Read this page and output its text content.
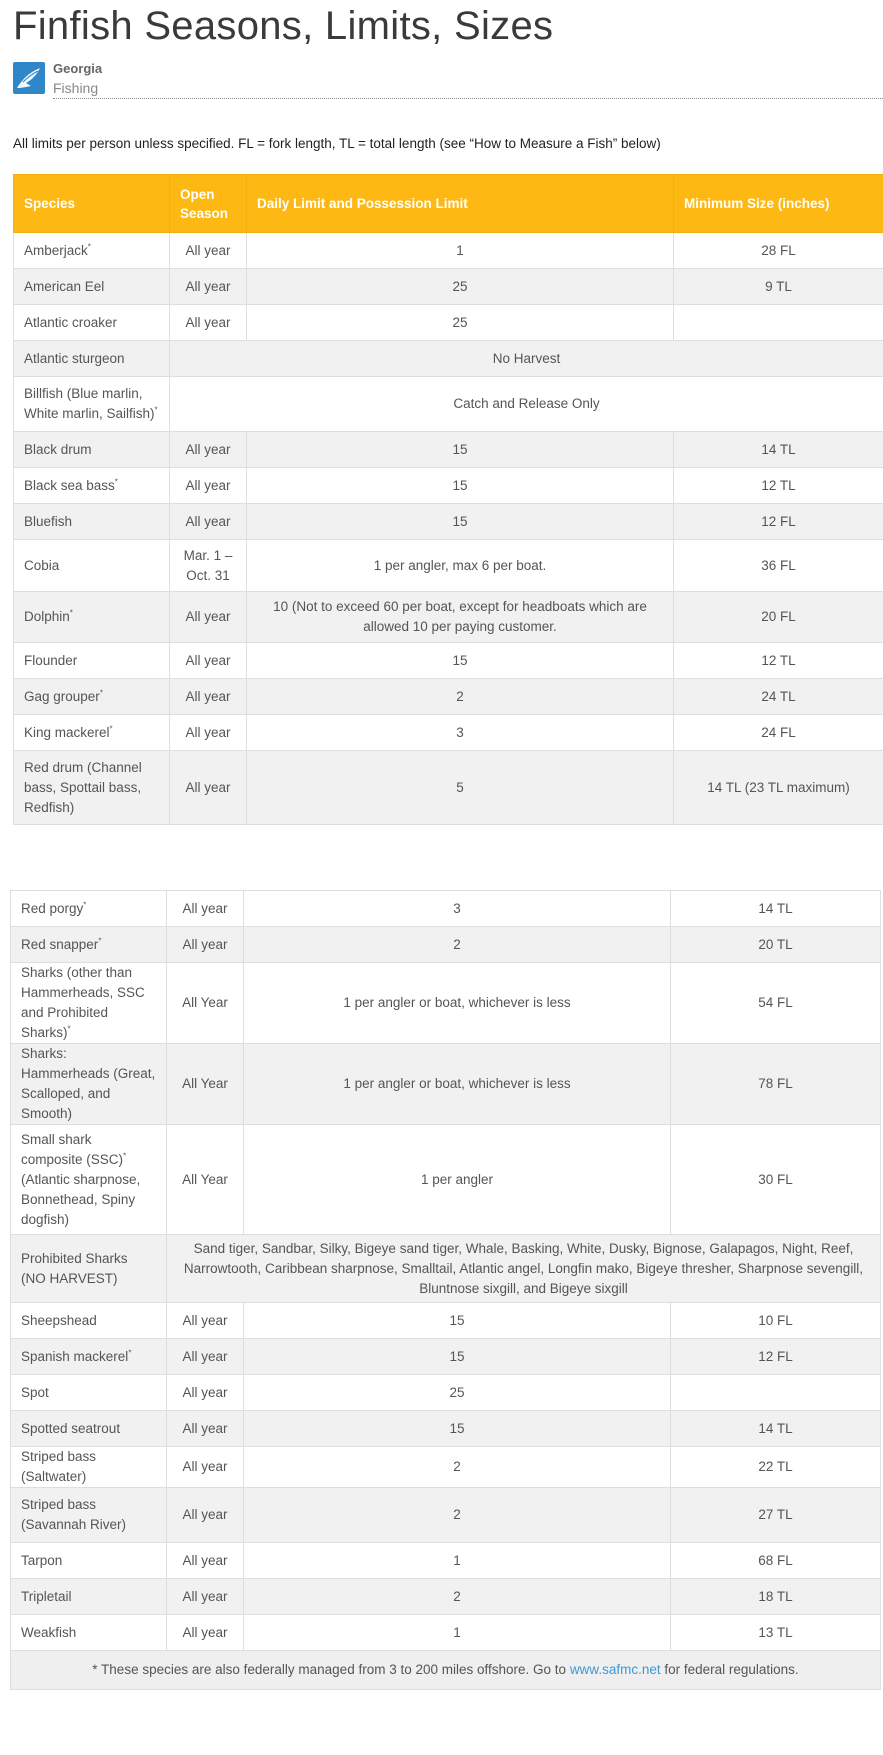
Finfish Seasons, Limits, Sizes
Georgia
Fishing
All limits per person unless specified. FL = fork length, TL = total length (see “How to Measure a Fish” below)
Species	Open Season	Daily Limit and Possession Limit	Minimum Size (inches)
Amberjack*	All year	1	28 FL
American Eel	All year	25	9 TL
Atlantic croaker	All year	25	
Atlantic sturgeon	No Harvest		
Billfish (Blue marlin, White marlin, Sailfish)*	Catch and Release Only		
Black drum	All year	15	14 TL
Black sea bass*	All year	15	12 TL
Bluefish	All year	15	12 FL
Cobia	Mar. 1 – Oct. 31	1 per angler, max 6 per boat.	36 FL
Dolphin*	All year	10 (Not to exceed 60 per boat, except for headboats which are allowed 10 per paying customer.	20 FL
Flounder	All year	15	12 TL
Gag grouper*	All year	2	24 TL
King mackerel*	All year	3	24 FL
Red drum (Channel bass, Spottail bass, Redfish)	All year	5	14 TL (23 TL maximum)
Red porgy*	All year	3	14 TL
Red snapper*	All year	2	20 TL
Sharks (other than Hammerheads, SSC and Prohibited Sharks)*	All Year	1 per angler or boat, whichever is less	54 FL
Sharks: Hammerheads (Great, Scalloped, and Smooth)	All Year	1 per angler or boat, whichever is less	78 FL
Small shark composite (SSC)*
(Atlantic sharpnose, Bonnethead, Spiny dogfish)	All Year	1 per angler	30 FL
Prohibited Sharks (NO HARVEST)	Sand tiger, Sandbar, Silky, Bigeye sand tiger, Whale, Basking, White, Dusky, Bignose, Galapagos, Night, Reef, Narrowtooth, Caribbean sharpnose, Smalltail, Atlantic angel, Longfin mako, Bigeye thresher, Sharpnose sevengill, Bluntnose sixgill, and Bigeye sixgill		
Sheepshead	All year	15	10 FL
Spanish mackerel*	All year	15	12 FL
Spot	All year	25	
Spotted seatrout	All year	15	14 TL
Striped bass (Saltwater)	All year	2	22 TL
Striped bass (Savannah River)	All year	2	27 TL
Tarpon	All year	1	68 FL
Tripletail	All year	2	18 TL
Weakfish	All year	1	13 TL
* These species are also federally managed from 3 to 200 miles offshore. Go to www.safmc.net for federal regulations.			
